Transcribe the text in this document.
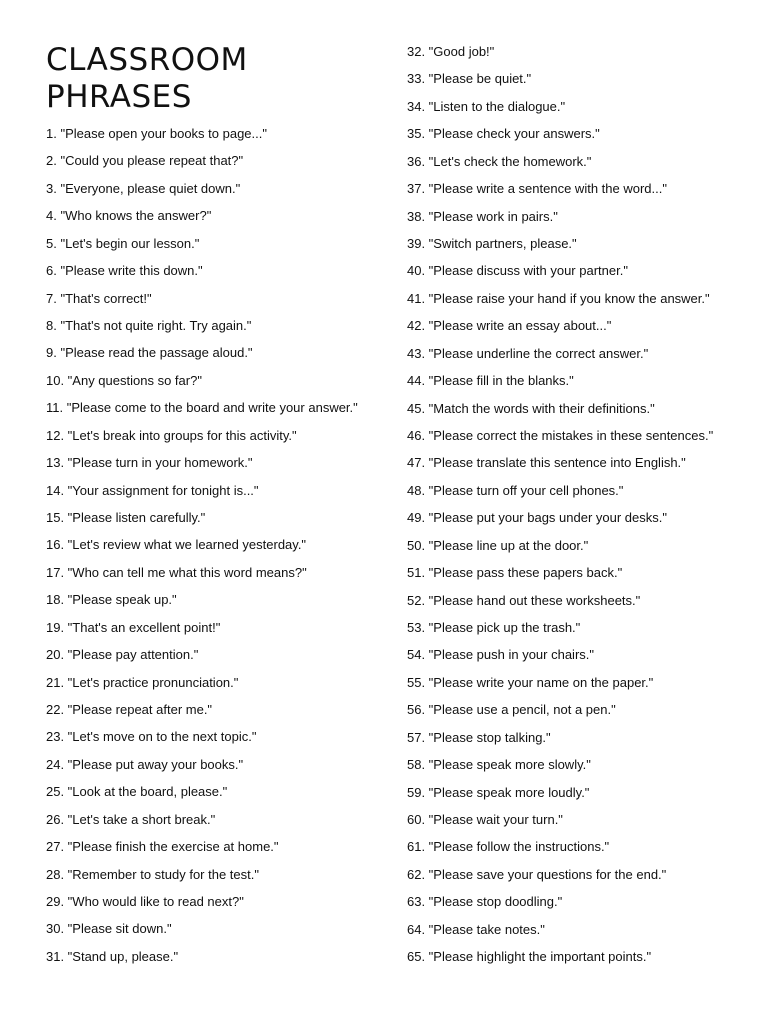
CLASSROOM PHRASES
1. "Please open your books to page..."
2. "Could you please repeat that?"
3. "Everyone, please quiet down."
4. "Who knows the answer?"
5. "Let's begin our lesson."
6. "Please write this down."
7. "That's correct!"
8. "That's not quite right. Try again."
9. "Please read the passage aloud."
10. "Any questions so far?"
11. "Please come to the board and write your answer."
12. "Let's break into groups for this activity."
13. "Please turn in your homework."
14. "Your assignment for tonight is..."
15. "Please listen carefully."
16. "Let's review what we learned yesterday."
17. "Who can tell me what this word means?"
18. "Please speak up."
19. "That's an excellent point!"
20. "Please pay attention."
21. "Let's practice pronunciation."
22. "Please repeat after me."
23. "Let's move on to the next topic."
24. "Please put away your books."
25. "Look at the board, please."
26. "Let's take a short break."
27. "Please finish the exercise at home."
28. "Remember to study for the test."
29. "Who would like to read next?"
30. "Please sit down."
31. "Stand up, please."
32. "Good job!"
33. "Please be quiet."
34. "Listen to the dialogue."
35. "Please check your answers."
36. "Let's check the homework."
37. "Please write a sentence with the word..."
38. "Please work in pairs."
39. "Switch partners, please."
40. "Please discuss with your partner."
41. "Please raise your hand if you know the answer."
42. "Please write an essay about..."
43. "Please underline the correct answer."
44. "Please fill in the blanks."
45. "Match the words with their definitions."
46. "Please correct the mistakes in these sentences."
47. "Please translate this sentence into English."
48. "Please turn off your cell phones."
49. "Please put your bags under your desks."
50. "Please line up at the door."
51. "Please pass these papers back."
52. "Please hand out these worksheets."
53. "Please pick up the trash."
54. "Please push in your chairs."
55. "Please write your name on the paper."
56. "Please use a pencil, not a pen."
57. "Please stop talking."
58. "Please speak more slowly."
59. "Please speak more loudly."
60. "Please wait your turn."
61. "Please follow the instructions."
62. "Please save your questions for the end."
63. "Please stop doodling."
64. "Please take notes."
65. "Please highlight the important points."
